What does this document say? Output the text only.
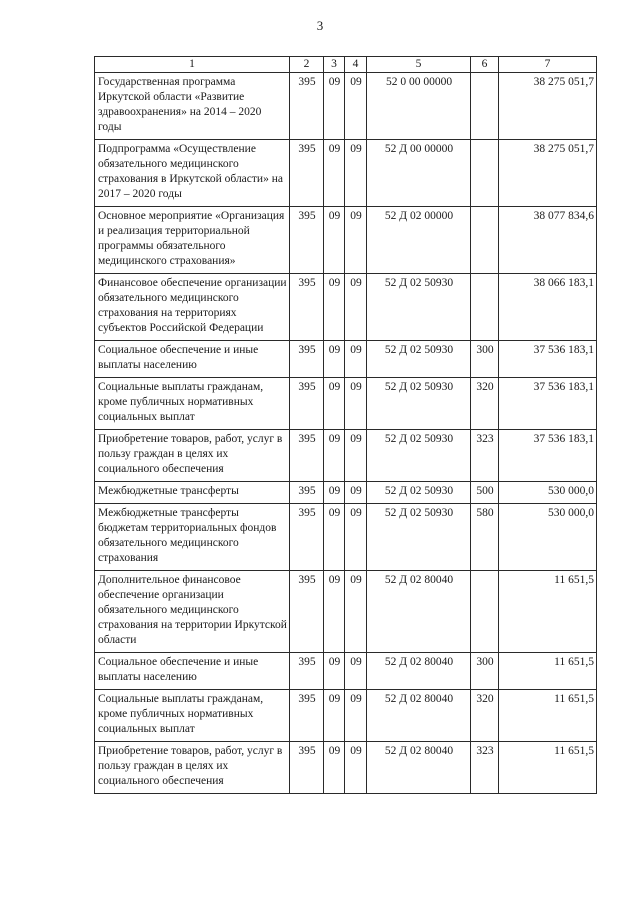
3
1	2	3	4	5	6	7
Государственная программа Иркутской области «Развитие здравоохранения» на 2014 – 2020 годы	395	09	09	52 0 00 00000		38 275 051,7
Подпрограмма «Осуществление обязательного медицинского страхования в Иркутской области» на 2017 – 2020 годы	395	09	09	52 Д 00 00000		38 275 051,7
Основное мероприятие «Организация и реализация территориальной программы обязательного медицинского страхования»	395	09	09	52 Д 02 00000		38 077 834,6
Финансовое обеспечение организации обязательного медицинского страхования на территориях субъектов Российской Федерации	395	09	09	52 Д 02 50930		38 066 183,1
Социальное обеспечение и иные выплаты населению	395	09	09	52 Д 02 50930	300	37 536 183,1
Социальные выплаты гражданам, кроме публичных нормативных социальных выплат	395	09	09	52 Д 02 50930	320	37 536 183,1
Приобретение товаров, работ, услуг в пользу граждан в целях их социального обеспечения	395	09	09	52 Д 02 50930	323	37 536 183,1
Межбюджетные трансферты	395	09	09	52 Д 02 50930	500	530 000,0
Межбюджетные трансферты бюджетам территориальных фондов обязательного медицинского страхования	395	09	09	52 Д 02 50930	580	530 000,0
Дополнительное финансовое обеспечение организации обязательного медицинского страхования на территории Иркутской области	395	09	09	52 Д 02 80040		11 651,5
Социальное обеспечение и иные выплаты населению	395	09	09	52 Д 02 80040	300	11 651,5
Социальные выплаты гражданам, кроме публичных нормативных социальных выплат	395	09	09	52 Д 02 80040	320	11 651,5
Приобретение товаров, работ, услуг в пользу граждан в целях их социального обеспечения	395	09	09	52 Д 02 80040	323	11 651,5
